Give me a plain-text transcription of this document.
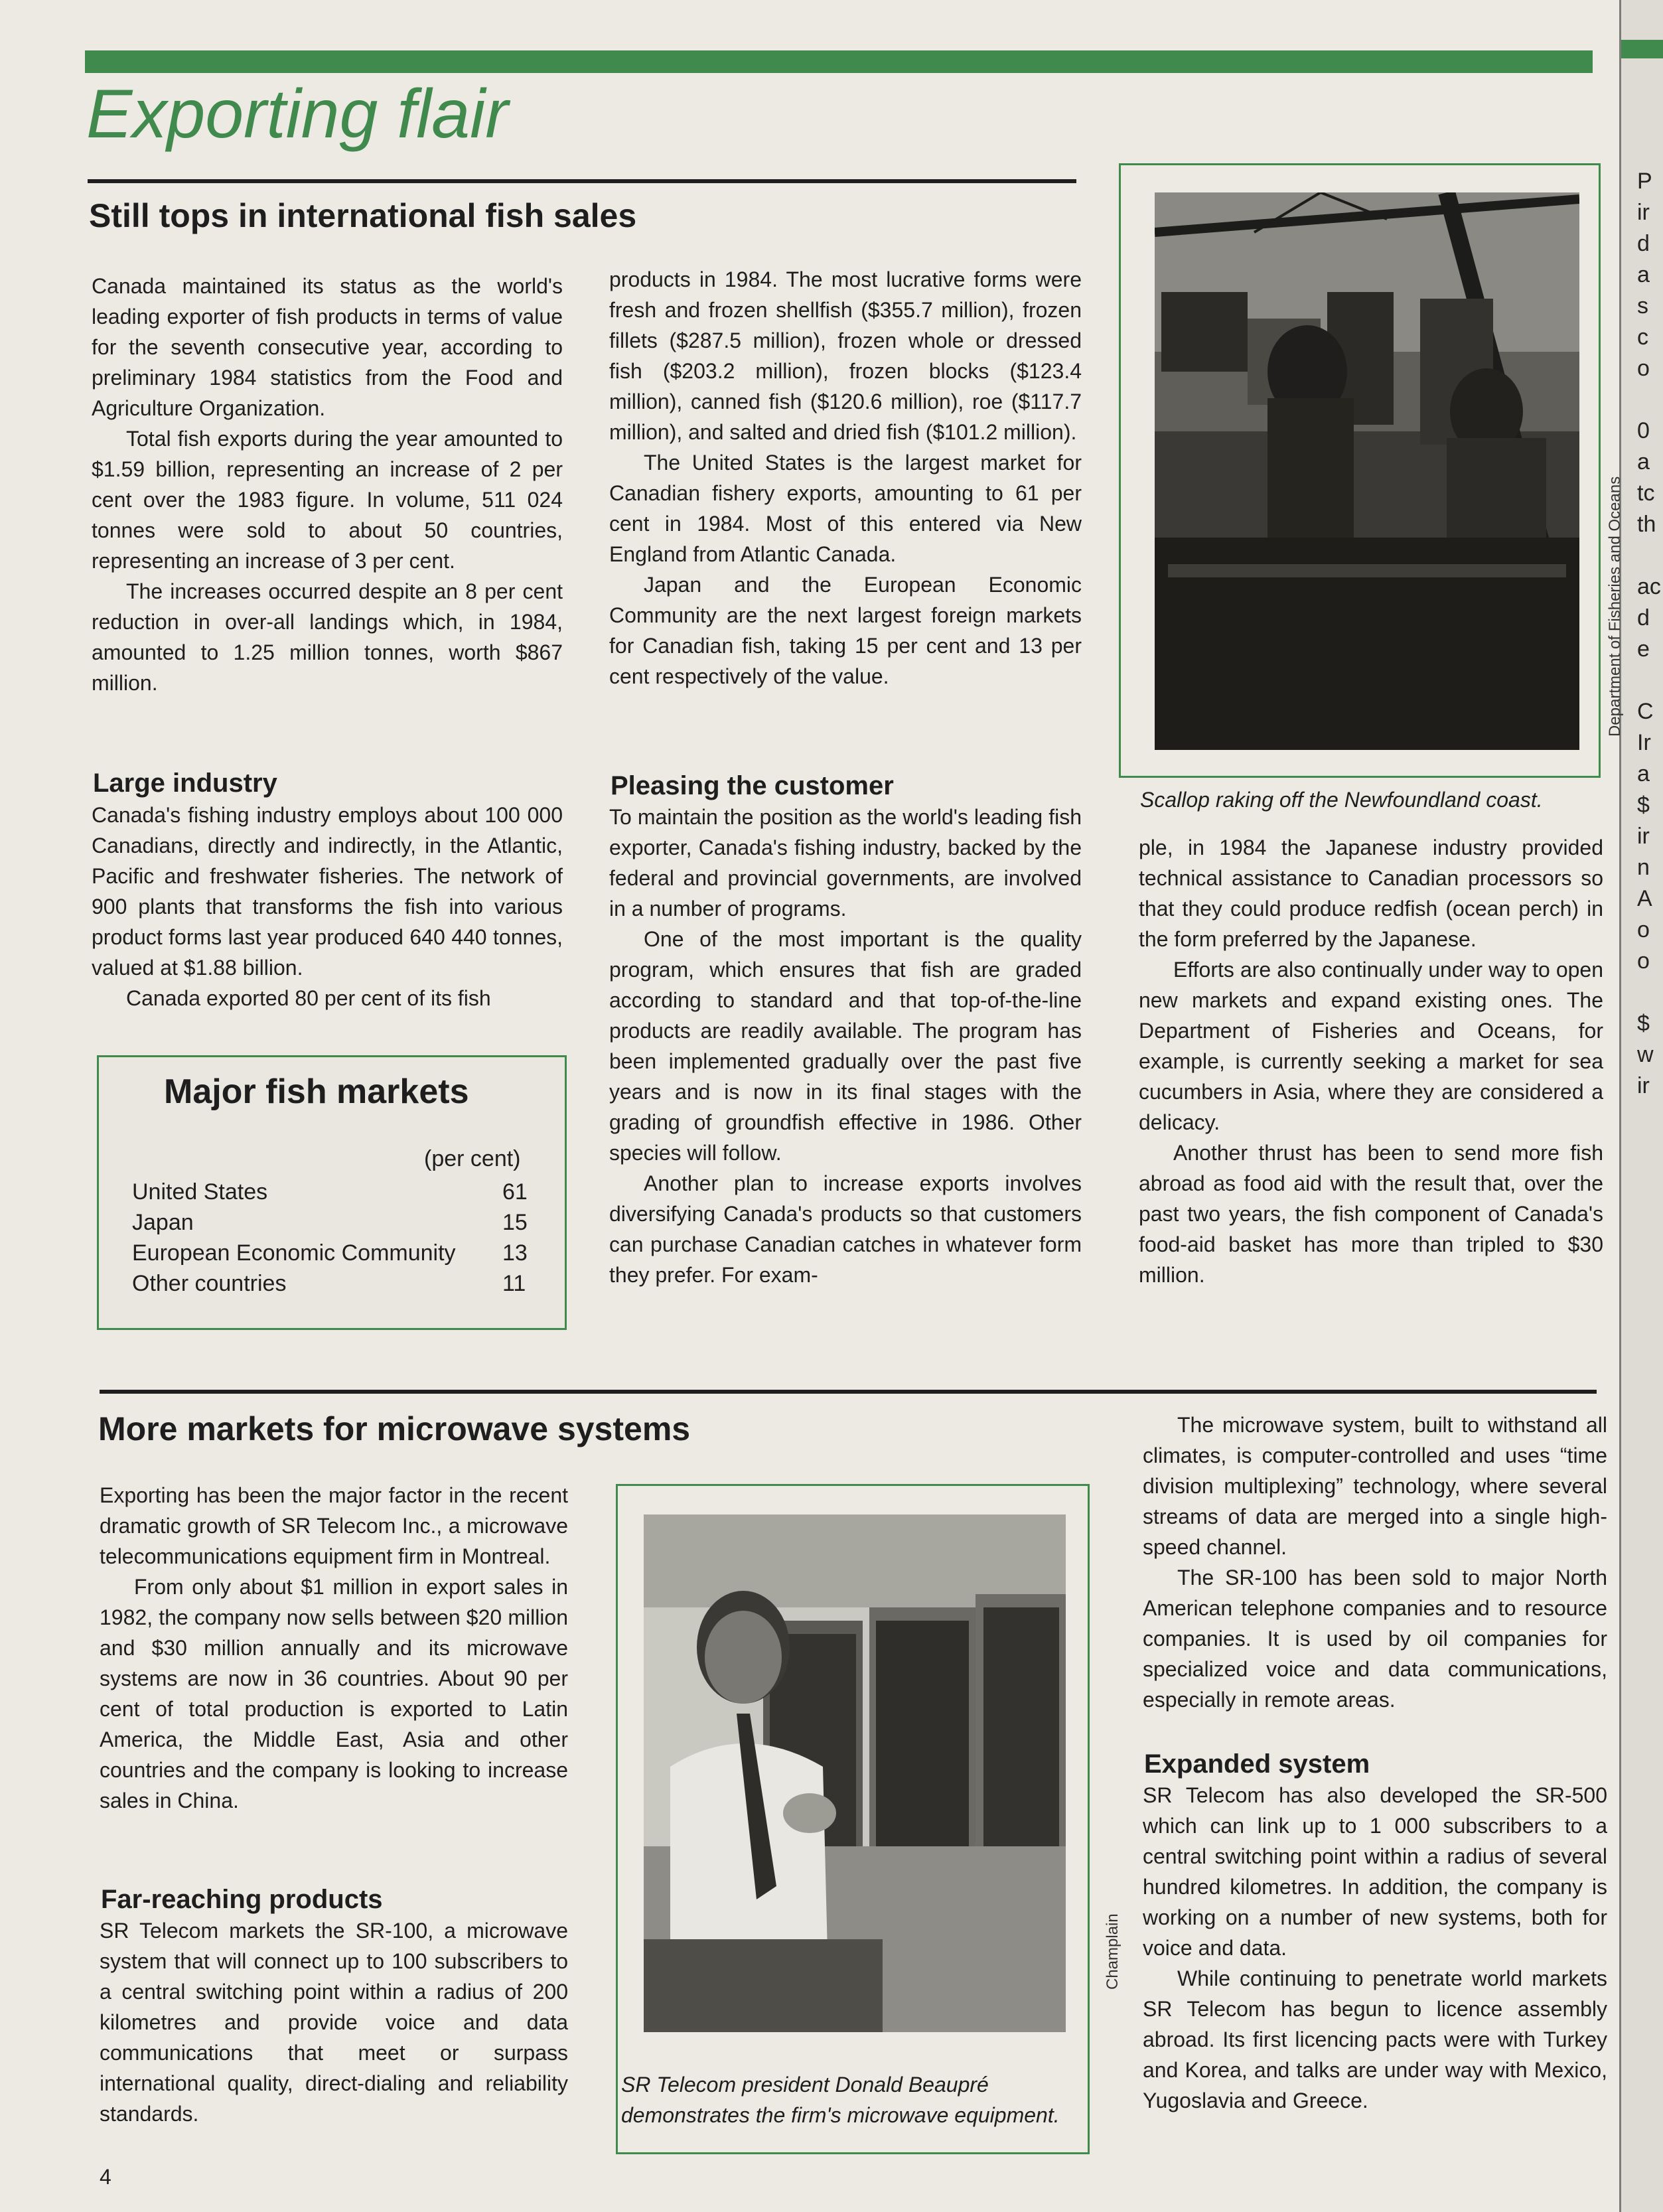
P
ir
d
a
s
c
o

0
a
tc
th

ac
d
e

C
Ir
a
$
ir
n
A
o
o

$
w
ir
Exporting flair
Still tops in international fish sales

Canada maintained its status as the world's leading exporter of fish products in terms of value for the seventh consecutive year, according to preliminary 1984 statistics from the Food and Agriculture Organization.

Total fish exports during the year amounted to $1.59 billion, representing an increase of 2 per cent over the 1983 figure. In volume, 511 024 tonnes were sold to about 50 countries, representing an increase of 3 per cent.

The increases occurred despite an 8 per cent reduction in over-all landings which, in 1984, amounted to 1.25 million tonnes, worth $867 million.

Large industry

Canada's fishing industry employs about 100 000 Canadians, directly and indirectly, in the Atlantic, Pacific and freshwater fisheries. The network of 900 plants that transforms the fish into various product forms last year produced 640 440 tonnes, valued at $1.88 billion.

Canada exported 80 per cent of its fish

Major fish markets
(per cent)
United States	61
Japan	15
European Economic Community 13
Other countries	11

products in 1984. The most lucrative forms were fresh and frozen shellfish ($355.7 million), frozen fillets ($287.5 million), frozen whole or dressed fish ($203.2 million), frozen blocks ($123.4 million), canned fish ($120.6 million), roe ($117.7 million), and salted and dried fish ($101.2 million).

The United States is the largest market for Canadian fishery exports, amounting to 61 per cent in 1984. Most of this entered via New England from Atlantic Canada.

Japan and the European Economic Community are the next largest foreign markets for Canadian fish, taking 15 per cent and 13 per cent respectively of the value.

Pleasing the customer

To maintain the position as the world's leading fish exporter, Canada's fishing industry, backed by the federal and provincial governments, are involved in a number of programs.

One of the most important is the quality program, which ensures that fish are graded according to standard and that top-of-the-line products are readily available. The program has been implemented gradually over the past five years and is now in its final stages with the grading of groundfish effective in 1986. Other species will follow.

Another plan to increase exports involves diversifying Canada's products so that customers can purchase Canadian catches in whatever form they prefer. For exam-

Department of Fisheries and Oceans
Scallop raking off the Newfoundland coast.

ple, in 1984 the Japanese industry provided technical assistance to Canadian processors so that they could produce redfish (ocean perch) in the form preferred by the Japanese.

Efforts are also continually under way to open new markets and expand existing ones. The Department of Fisheries and Oceans, for example, is currently seeking a market for sea cucumbers in Asia, where they are considered a delicacy.

Another thrust has been to send more fish abroad as food aid with the result that, over the past two years, the fish component of Canada's food-aid basket has more than tripled to $30 million.

More markets for microwave systems

Exporting has been the major factor in the recent dramatic growth of SR Telecom Inc., a microwave telecommunications equipment firm in Montreal.

From only about $1 million in export sales in 1982, the company now sells between $20 million and $30 million annually and its microwave systems are now in 36 countries. About 90 per cent of total production is exported to Latin America, the Middle East, Asia and other countries and the company is looking to increase sales in China.

Far-reaching products

SR Telecom markets the SR-100, a microwave system that will connect up to 100 subscribers to a central switching point within a radius of 200 kilometres and provide voice and data communications that meet or surpass international quality, direct-dialing and reliability standards.

Champlain
SR Telecom president Donald Beaupré demonstrates the firm's microwave equipment.

The microwave system, built to withstand all climates, is computer-controlled and uses “time division multiplexing” technology, where several streams of data are merged into a single high-speed channel.

The SR-100 has been sold to major North American telephone companies and to resource companies. It is used by oil companies for specialized voice and data communications, especially in remote areas.

Expanded system

SR Telecom has also developed the SR-500 which can link up to 1 000 subscribers to a central switching point within a radius of several hundred kilometres. In addition, the company is working on a number of new systems, both for voice and data.

While continuing to penetrate world markets SR Telecom has begun to licence assembly abroad. Its first licencing pacts were with Turkey and Korea, and talks are under way with Mexico, Yugoslavia and Greece.

4
